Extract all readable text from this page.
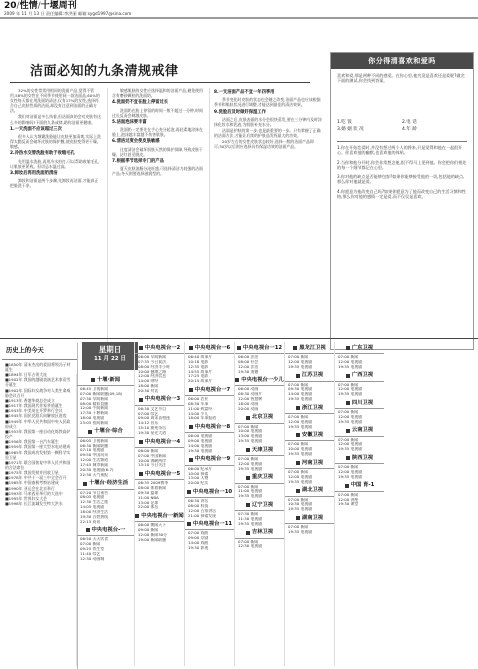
20/性情/十堰周刊
2009 年 11 月 13 日 责任编辑:李洪丽 邮箱:sygd1997@sina.com
洁面必知的九条清规戒律

32%的女性常常用相同的洗面产品,觉得不管用,58%的女性在不同季节使用同一款洁面品,60%的女性每天都在用洗面奶清洁,仅有17%的女性,选择符合自己皮肤性质的洁面,却没有注意到洁面的正确方法。

我们对洁面是多么执着,但洁面真的会对皮肤有这么多的影响吗?下面的九条戒律,助你洁面更健康。

1.一天洗面不应该超过三次

很多人认为频繁洗脸能让皮肤更加清爽,实际上洗得太勤反而会破坏皮肤的保护膜,使皮肤变得更干燥、敏感。

2.冷热水交替洗脸有助于收缩毛孔

先用温水洗脸,再用冷水拍打,可以帮助收缩毛孔,让肌肤更紧致。但切忌水温过高。

3.卸妆后再用洗面奶清洁

卸妆和洁面是两个步骤,先卸妆再洁面,才能真正把脸洗干净。

敏感肌肤的女性应选择温和的洁面产品,避免使用含有磨砂颗粒的洗面奶。

4.洗面奶不宜在脸上停留过长

洗面奶在脸上停留的时间一般不超过一分钟,时间过长反而会刺激皮肤。

5.洁面泡沫要丰富

洗面奶一定要先在手心充分起泡,再轻柔地涂抹在脸上,泡沫越丰富越不伤害肌肤。

6.清洁过度会使皮肤敏感

过度清洁会破坏肌肤天然的保护屏障,导致皮肤干燥、泛红甚至脱皮。

7.根据季节选择专门的产品

夏天皮肤油脂分泌旺盛,可选择清洁力较强的洁面产品;冬天则要选择滋润型的。

8.一支洁面产品不宜一年四季用

季节变化时皮肤的状态也会随之改变,洁面产品也应该根据季节和肌肤状况进行调整,才能达到最佳的清洁效果。

9.洗脸后及时做好保湿工作

洁面之后,皮肤表面的水分会很快蒸发,要在三分钟内及时涂抹化妆水和乳液,为肌肤补充水分。

洁面是护肤的第一步,也是最重要的一步。只有掌握了正确的洁面方法,才能让后续的护肤品发挥最大的功效。

20岁左右的女性皮肤状态较好,选择一般的洁面产品即可;30岁以后则应选择具有保湿功效的洁面产品。

你分得清喜欢和爱吗
喜欢和爱,那是两种不同的感觉。在你心里,他究竟是喜欢还是爱呢?做完下面的测试,你会找到答案。
1.吃 饭	2.电 话
3.婚 姻 状 况	4.年 龄

1.你在开始恋爱时,并没有想过两个人的将来,只是觉得和他在一起很开心。你喜欢他的幽默,也喜欢他的体贴。

2.当你和他分开时,你会非常想念他,恨不得马上见到他。你会把你们相处的每一个细节都记在心里。

3.你对他的缺点是否能够包容?如果你能够接受他的一切,包括他的缺点,那么你对他就是爱。

4.你愿意为他改变自己吗?如果你愿意为了他而改变自己的生活习惯和性格,那么你对他的感情一定是爱,而不仅仅是喜欢。

历史上的今天
■1850年 清末杰出的爱国将领冯子材诞生
■1894年 日军占领大连
■1902年 我国的越剧表演艺术家袁雪芬诞生
■1902年 国际妇女战争对人类生命威胁会议召开
■1913年 香港华商总会成立
■1917年 我国现代作家茅盾诞生
■1943年 中美英在开罗举行会议
■1945年 国民党派兵向解放区进攻
■1949年 中华人民共和国中央人民政府成立
■1953年 我国第一座自动化炼铁高炉投产
■1956年 我国第一台汽车诞生
■1959年 我国第一座大型水电站建成
■1965年 我国成功发射第一颗科学实验卫星
■1971年 联合国恢复中华人民共和国的合法席位
■1975年 我国发射并回收卫星
■1978年 中共十一届三中全会召开
■1985年 中国南极考察站建成
■1990年 亚运会在北京举行
■1993年 马来西亚举行的大选中
■1995年 世界妇女大会
■1998年 长江流域发生特大洪水
星期日
11 月 22 日
十堰·新闻
06:45 卫视新闻
07:00 新闻联播(09,18)
07:30 早间新闻
08:00 精彩直播
12:00 午间新闻
17:30 十堰新闻
18:00 电视剧
23:05 夜间新闻
十堰台·综合
06:05 卫视新闻
06:30 新闻联播
07:10 电视剧
09:50 中国风采
12:00 生活频道
17:45 城市新闻
20:30 电视剧(6-7)
22:30 天气预报
十堰台·经济生活
07:20 节目预告
08:05 电视剧
12:30 生活之旅
14:05 电视剧
18:00 经济生活
19:30 百姓热线
22:15 资讯
中央电视台-一
06:50 天天饮食
07:00 新闻
09:25 养生堂
11:40 综艺
12:30 动画城
中央电视台一2
06:00 早间新闻
07:35 今日说法
08:00 经济半小时
10:00 健康之路
12:00 经济信息
14:00 财经
18:00 新闻
20:30 对话
中央电视台一3
06:30 文艺节目
07:00 综艺
09:00 周末喜相逢
14:12 音乐
15:10 曲苑杂坛
19:30 星光大道
中央电视台一4
06:00 新闻
07:00 中国新闻
10:00 海峡两岸
13:10 今日关注
中央电视台一5
06:35 2009赛季
08:00 体育新闻
09:30 篮球
11:00 NBA
13:00 足球
22:00 体坛
中央电视台一新闻
06:00 朝闻天下
09:00 新闻
12:00 新闻30分
19:00 新闻联播
中央电视台一6
06:40 故事片
10:18 电影
12:35 电影
14:55 故事片
17:25 电影
20:15 故事片
中央电视台一7
06:00 农业
08:30 军事
11:00 致富经
14:00 少儿
18:00 军事报道
中央电视台一8
06:00 电视剧
09:00 电视剧
14:00 电视剧
19:30 电视剧
中央电视台一9
06:00 纪录片
10:00 探索
13:00 人物
20:00 纪实
中央电视台一10
06:30 讲坛
08:00 科技
12:00 百家讲坛
21:00 探索发现
中央电视台一11
07:00 戏曲
09:00 京剧
14:00 戏曲
19:30 影视
中央电视台一12
06:00 法治
08:00 社会
12:00 法治
19:30 道德
中央电视台一少儿
06:00 动画
08:30 动画片
12:00 智慧树
18:00 动画
20:00 动画
北京卫视
07:00 新闻
10:00 电视剧
13:00 电视剧
19:35 电视剧
天津卫视
07:00 新闻
12:00 电视剧
19:35 电视剧
重庆卫视
07:00 新闻
11:00 电视剧
19:35 电视剧
辽宁卫视
07:30 新闻
11:30 电视剧
19:35 电视剧
吉林卫视
07:00 新闻
12:30 电视剧
黑龙江卫视
07:00 新闻
12:00 电视剧
19:35 电视剧
江苏卫视
07:00 新闻
09:30 电视剧
14:00 电视剧
19:35 电视剧
浙江卫视
07:00 新闻
12:00 电视剧
19:35 电视剧
安徽卫视
07:00 新闻
10:00 电视剧
19:35 电视剧
河南卫视
07:00 新闻
12:00 电视剧
19:35 电视剧
湖北卫视
07:00 新闻
10:30 电视剧
19:35 电视剧
湖南卫视
07:00 新闻
19:35 电视剧
广东卫视
07:00 新闻
12:00 电视剧
19:35 电视剧
广西卫视
07:00 新闻
12:00 电视剧
19:35 电视剧
四川卫视
07:00 新闻
12:00 电视剧
19:35 电视剧
云南卫视
07:00 新闻
12:00 电视剧
19:35 电视剧
陕西卫视
07:00 新闻
12:00 电视剧
19:35 电视剧
中国 育-1
07:00 新闻
12:00 讲座
19:30 课堂
